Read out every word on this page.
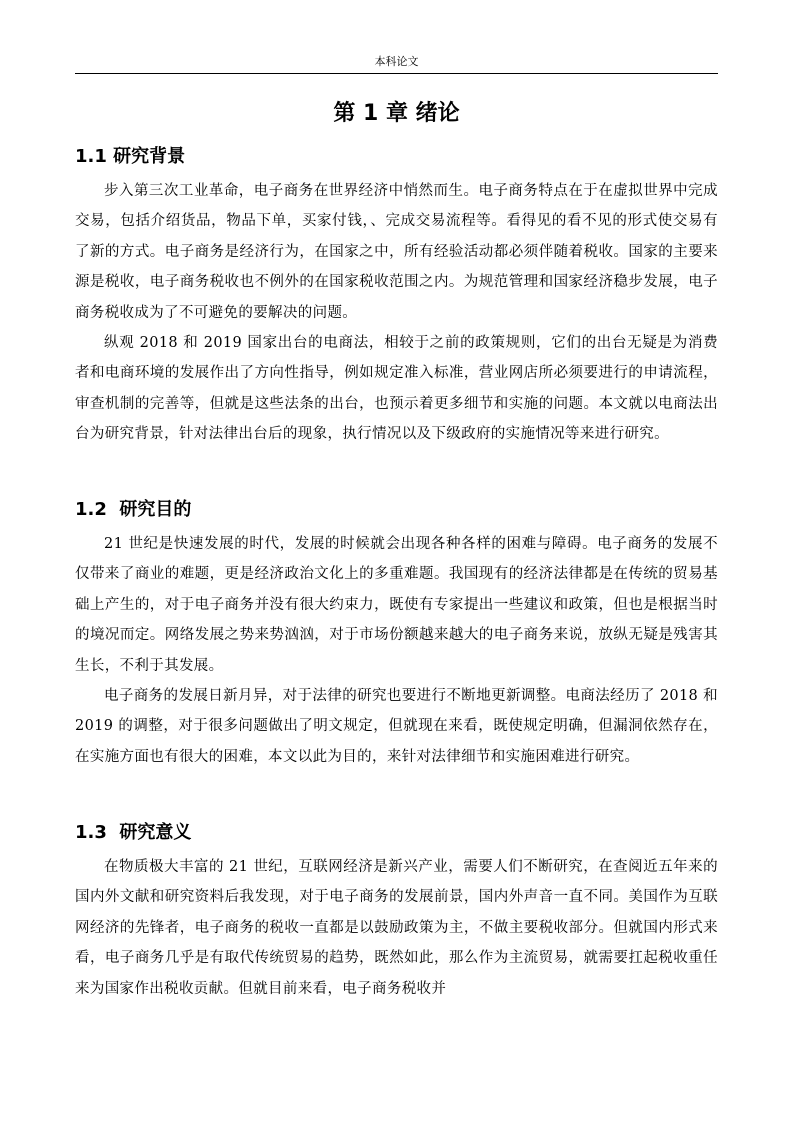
本科论文
第 1 章 绪论
1.1 研究背景

步入第三次工业革命，电子商务在世界经济中悄然而生。电子商务特点在于在虚拟世界中完成交易，包括介绍货品，物品下单，买家付钱，、完成交易流程等。看得见的看不见的形式使交易有了新的方式。电子商务是经济行为，在国家之中，所有经验活动都必须伴随着税收。国家的主要来源是税收，电子商务税收也不例外的在国家税收范围之内。为规范管理和国家经济稳步发展，电子商务税收成为了不可避免的要解决的问题。

纵观 2018 和 2019 国家出台的电商法，相较于之前的政策规则，它们的出台无疑是为消费者和电商环境的发展作出了方向性指导，例如规定准入标准，营业网店所必须要进行的申请流程，审查机制的完善等，但就是这些法条的出台，也预示着更多细节和实施的问题。本文就以电商法出台为研究背景，针对法律出台后的现象，执行情况以及下级政府的实施情况等来进行研究。

1.2  研究目的

21 世纪是快速发展的时代，发展的时候就会出现各种各样的困难与障碍。电子商务的发展不仅带来了商业的难题，更是经济政治文化上的多重难题。我国现有的经济法律都是在传统的贸易基础上产生的，对于电子商务并没有很大约束力，既使有专家提出一些建议和政策，但也是根据当时的境况而定。网络发展之势来势汹汹，对于市场份额越来越大的电子商务来说，放纵无疑是残害其生长，不利于其发展。

电子商务的发展日新月异，对于法律的研究也要进行不断地更新调整。电商法经历了 2018 和 2019 的调整，对于很多问题做出了明文规定，但就现在来看，既使规定明确，但漏洞依然存在，在实施方面也有很大的困难，本文以此为目的，来针对法律细节和实施困难进行研究。

1.3  研究意义

在物质极大丰富的 21 世纪，互联网经济是新兴产业，需要人们不断研究，在查阅近五年来的国内外文献和研究资料后我发现，对于电子商务的发展前景，国内外声音一直不同。美国作为互联网经济的先锋者，电子商务的税收一直都是以鼓励政策为主，不做主要税收部分。但就国内形式来看，电子商务几乎是有取代传统贸易的趋势，既然如此，那么作为主流贸易，就需要扛起税收重任来为国家作出税收贡献。但就目前来看，电子商务税收并
